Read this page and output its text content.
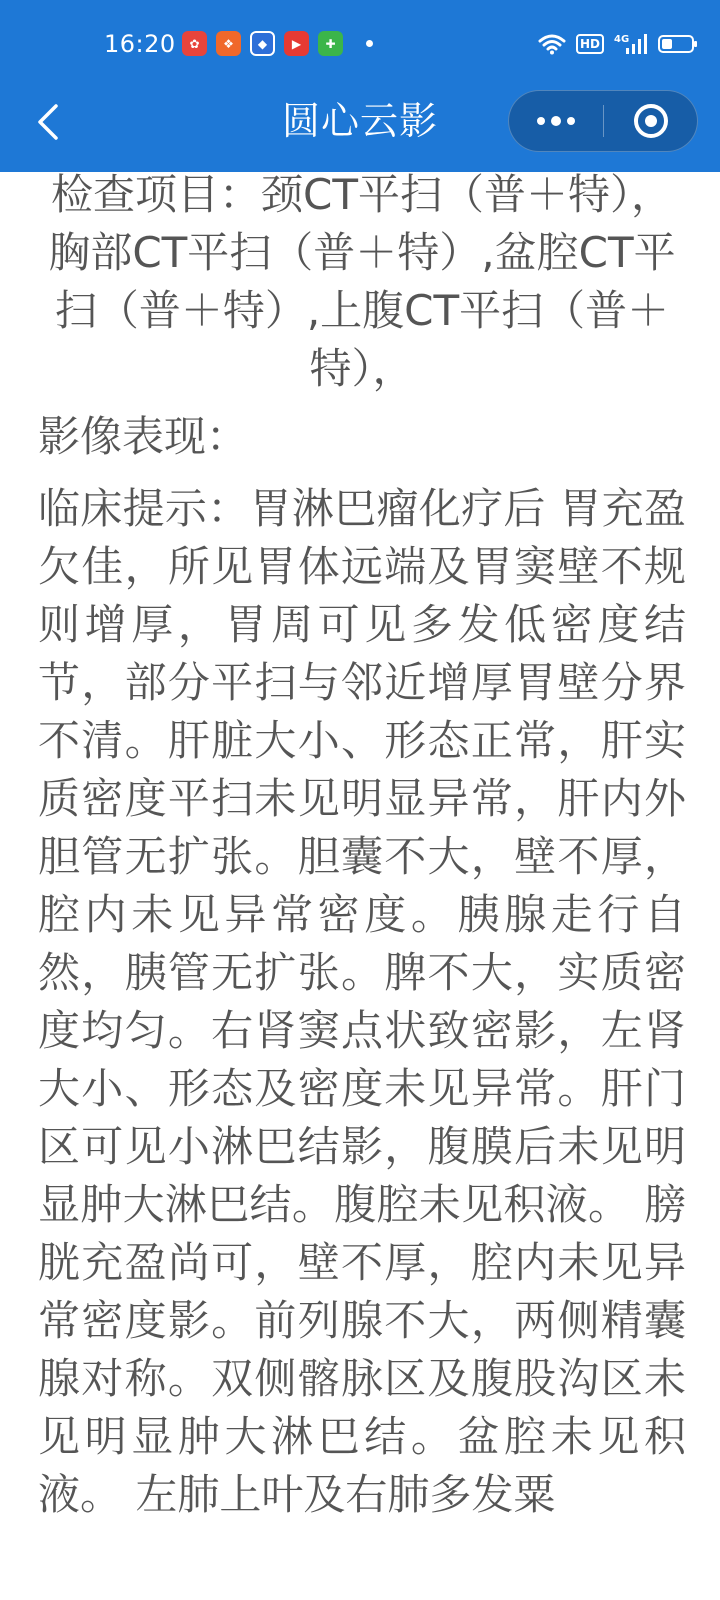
16:20	✿	❖	◆	▶	✚	HD	4G
圆心云影

检查项目：颈CT平扫（普＋特），胸部CT平扫（普＋特）,盆腔CT平扫（普＋特）,上腹CT平扫（普＋特），

影像表现：

临床提示：胃淋巴瘤化疗后 胃充盈欠佳，所见胃体远端及胃窦壁不规则增厚，胃周可见多发低密度结节，部分平扫与邻近增厚胃壁分界不清。肝脏大小、形态正常，肝实质密度平扫未见明显异常，肝内外胆管无扩张。胆囊不大，壁不厚，腔内未见异常密度。胰腺走行自然，胰管无扩张。脾不大，实质密度均匀。右肾窦点状致密影，左肾大小、形态及密度未见异常。肝门区可见小淋巴结影，腹膜后未见明显肿大淋巴结。腹腔未见积液。 膀胱充盈尚可，壁不厚，腔内未见异常密度影。前列腺不大，两侧精囊腺对称。双侧髂脉区及腹股沟区未见明显肿大淋巴结。盆腔未见积液。 左肺上叶及右肺多发粟
